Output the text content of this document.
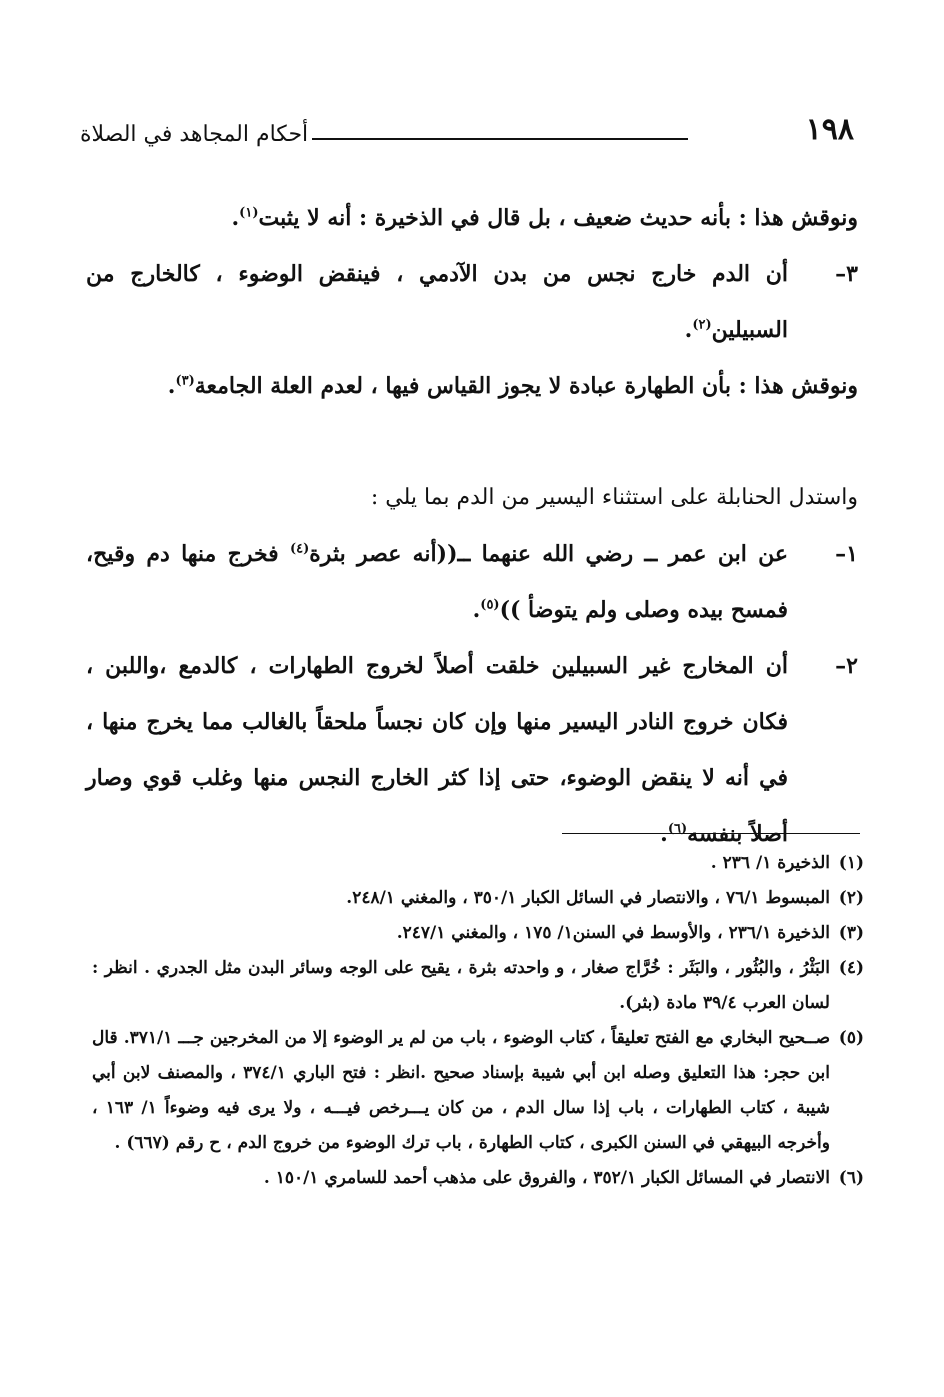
١٩٨
أحكام المجاهد في الصلاة

ونوقش هذا : بأنه حديث ضعيف ، بل قال في الذخيرة : أنه لا يثبت$^{(١)}$.

٣–
أن الدم خارج نجس من بدن الآدمي ، فينقض الوضوء ، كالخارج من السبيلين$^{(٢)}$.

ونوقش هذا : بأن الطهارة عبادة لا يجوز القياس فيها ، لعدم العلة الجامعة$^{(٣)}$.

واستدل الحنابلة على استثناء اليسير من الدم بما يلي :

١–
عن ابن عمر ــ رضي الله عنهما ــ((أنه عصر بثرة$^{(٤)}$ فخرج منها دم وقيح، فمسح بيده وصلى ولم يتوضأ ))$^{(٥)}$.
٢–
أن المخارج غير السبيلين خلقت أصلاً لخروج الطهارات ، كالدمع ،واللبن ، فكان خروج النادر اليسير منها وإن كان نجساً ملحقاً بالغالب مما يخرج منها ، في أنه لا ينقض الوضوء، حتى إذا كثر الخارج النجس منها وغلب قوي وصار أصلاً بنفسه$^{(٦)}$.
(١)
الذخيرة ١/ ٢٣٦ .
(٢)
المبسوط ٧٦/١ ، والانتصار في السائل الكبار ٣٥٠/١ ، والمغني ٢٤٨/١.
(٣)
الذخيرة ٢٣٦/١ ، والأوسط في السنن١/ ١٧٥ ، والمغني ٢٤٧/١.
(٤)
البَثْرُ ، والبُثُور ، والبَثَر : خُرَّاج صغار ، و واحدته بثرة ، يقيح على الوجه وسائر البدن مثل الجدري . انظر : لسان العرب ٣٩/٤ مادة (بثر).
(٥)
صــحيح البخاري مع الفتح تعليقاً ، كتاب الوضوء ، باب من لم ير الوضوء إلا من المخرجين جـــ ٣٧١/١. قال ابن حجر: هذا التعليق وصله ابن أبي شيبة بإسناد صحيح .انظر : فتح الباري ٣٧٤/١ ، والمصنف لابن أبي شيبة ، كتاب الطهارات ، باب إذا سال الدم ، من كان يـــرخص فيـــه ، ولا يرى فيه وضوءاً ١/ ١٦٣ ، وأخرجه البيهقي في السنن الكبرى ، كتاب الطهارة ، باب ترك الوضوء من خروج الدم ، ح رقم (٦٦٧) .
(٦)
الانتصار في المسائل الكبار ٣٥٢/١ ، والفروق على مذهب أحمد للسامري ١٥٠/١ .
